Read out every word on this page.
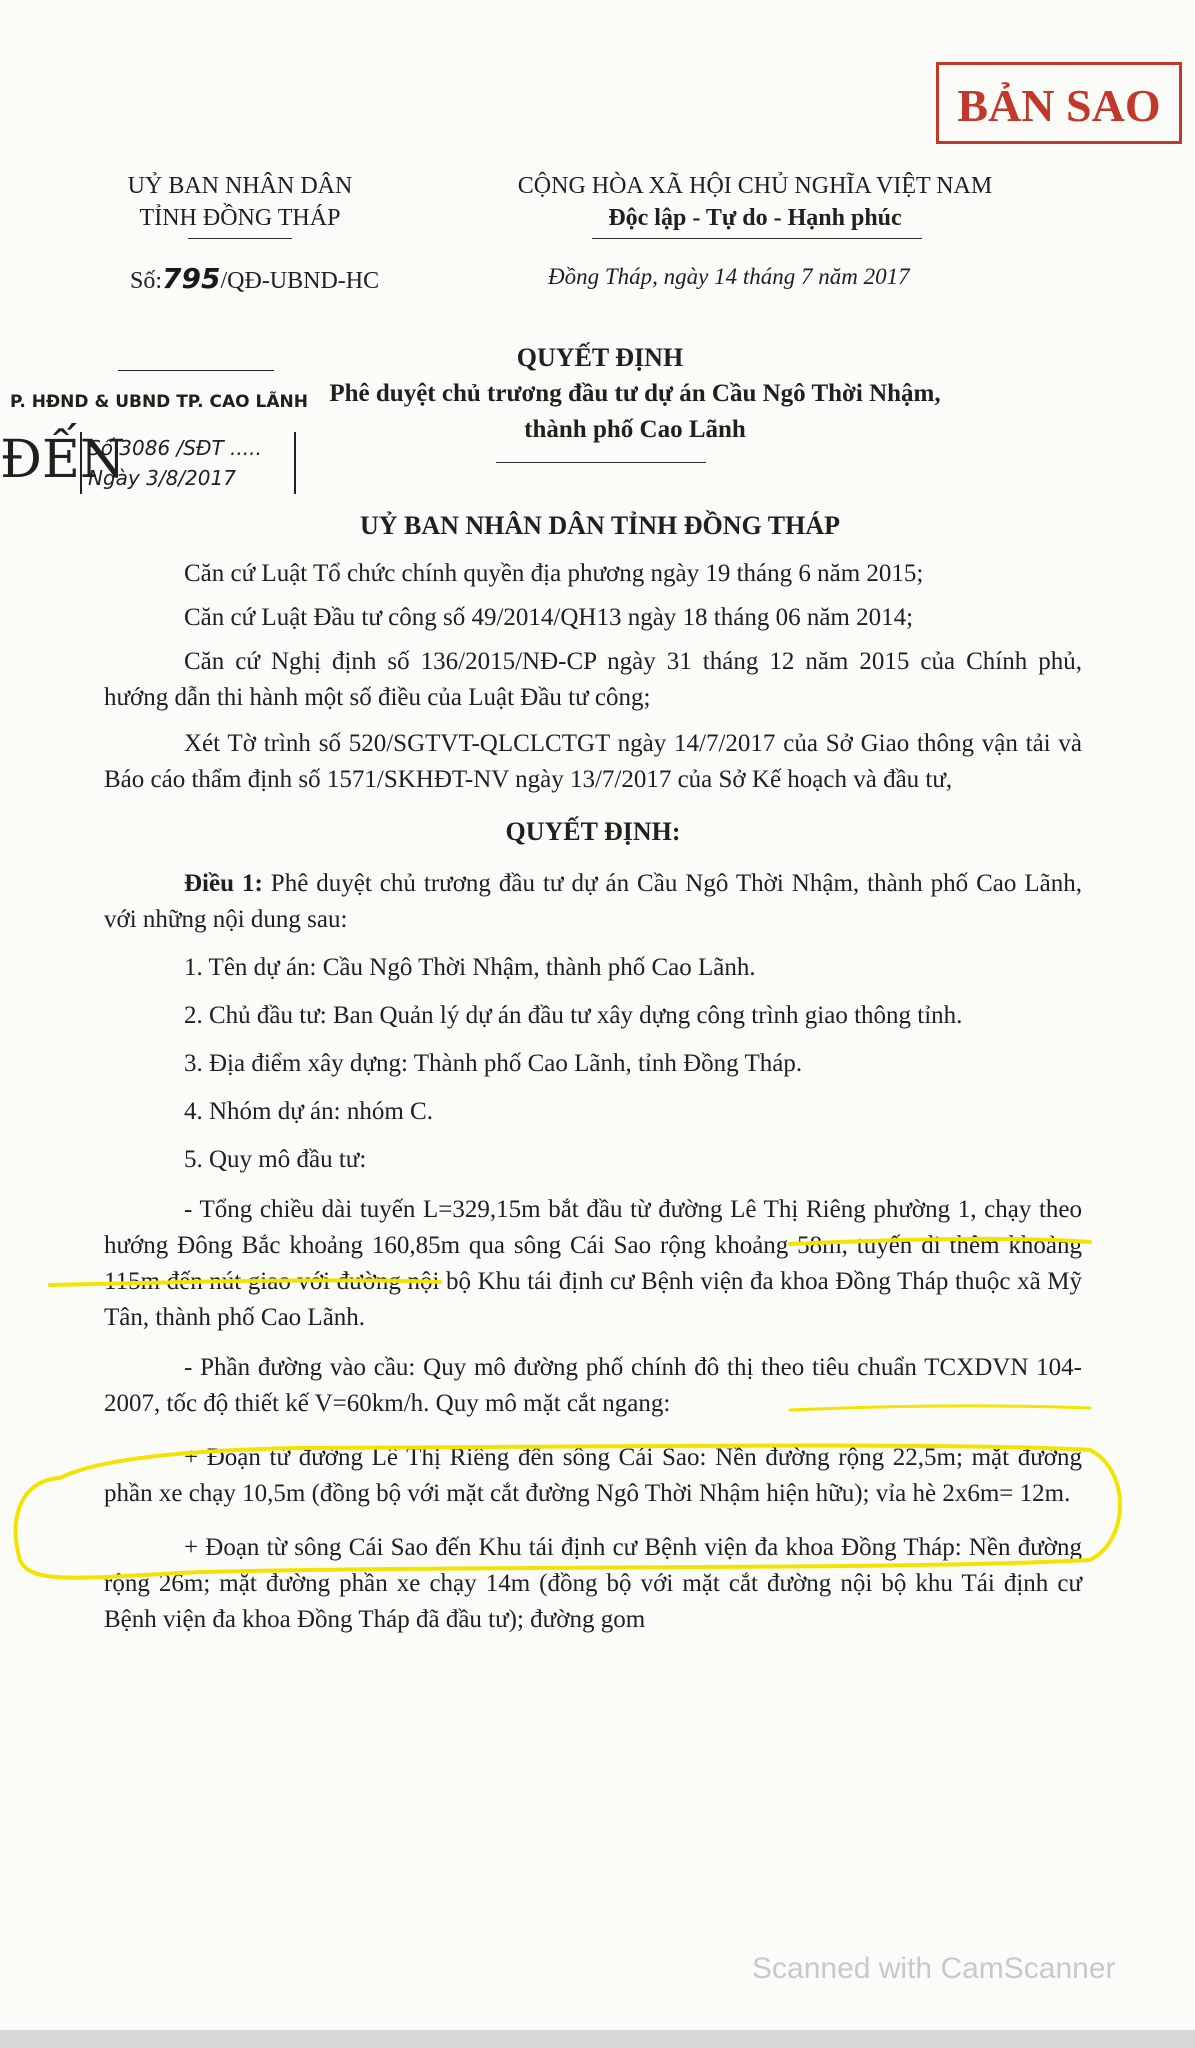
BẢN SAO
UỶ BAN NHÂN DÂN
TỈNH ĐỒNG THÁP
CỘNG HÒA XÃ HỘI CHỦ NGHĨA VIỆT NAM
Độc lập - Tự do - Hạnh phúc
Số:795/QĐ-UBND-HC	Đồng Tháp, ngày 14 tháng 7 năm 2017
QUYẾT ĐỊNH
Phê duyệt chủ trương đầu tư dự án Cầu Ngô Thời Nhậm,
thành phố Cao Lãnh
P. HĐND & UBND TP. CAO LÃNH
ĐẾN
Số 3086 /SĐT .....
Ngày 3/8/2017
UỶ BAN NHÂN DÂN TỈNH ĐỒNG THÁP
Căn cứ Luật Tổ chức chính quyền địa phương ngày 19 tháng 6 năm 2015;
Căn cứ Luật Đầu tư công số 49/2014/QH13 ngày 18 tháng 06 năm 2014;
Căn cứ Nghị định số 136/2015/NĐ-CP ngày 31 tháng 12 năm 2015 của Chính phủ, hướng dẫn thi hành một số điều của Luật Đầu tư công;
Xét Tờ trình số 520/SGTVT-QLCLCTGT ngày 14/7/2017 của Sở Giao thông vận tải và Báo cáo thẩm định số 1571/SKHĐT-NV ngày 13/7/2017 của Sở Kế hoạch và đầu tư,
QUYẾT ĐỊNH:
Điều 1: Phê duyệt chủ trương đầu tư dự án Cầu Ngô Thời Nhậm, thành phố Cao Lãnh, với những nội dung sau:
1. Tên dự án: Cầu Ngô Thời Nhậm, thành phố Cao Lãnh.
2. Chủ đầu tư: Ban Quản lý dự án đầu tư xây dựng công trình giao thông tỉnh.
3. Địa điểm xây dựng: Thành phố Cao Lãnh, tỉnh Đồng Tháp.
4. Nhóm dự án: nhóm C.
5. Quy mô đầu tư:
- Tổng chiều dài tuyến L=329,15m bắt đầu từ đường Lê Thị Riêng phường 1, chạy theo hướng Đông Bắc khoảng 160,85m qua sông Cái Sao rộng khoảng 58m, tuyến đi thêm khoảng 115m đến nút giao với đường nội bộ Khu tái định cư Bệnh viện đa khoa Đồng Tháp thuộc xã Mỹ Tân, thành phố Cao Lãnh.
- Phần đường vào cầu: Quy mô đường phố chính đô thị theo tiêu chuẩn TCXDVN 104-2007, tốc độ thiết kế V=60km/h. Quy mô mặt cắt ngang:
+ Đoạn từ đường Lê Thị Riêng đến sông Cái Sao: Nền đường rộng 22,5m; mặt đường phần xe chạy 10,5m (đồng bộ với mặt cắt đường Ngô Thời Nhậm hiện hữu); vỉa hè 2x6m= 12m.
+ Đoạn từ sông Cái Sao đến Khu tái định cư Bệnh viện đa khoa Đồng Tháp: Nền đường rộng 26m; mặt đường phần xe chạy 14m (đồng bộ với mặt cắt đường nội bộ khu Tái định cư Bệnh viện đa khoa Đồng Tháp đã đầu tư); đường gom
Scanned with CamScanner
